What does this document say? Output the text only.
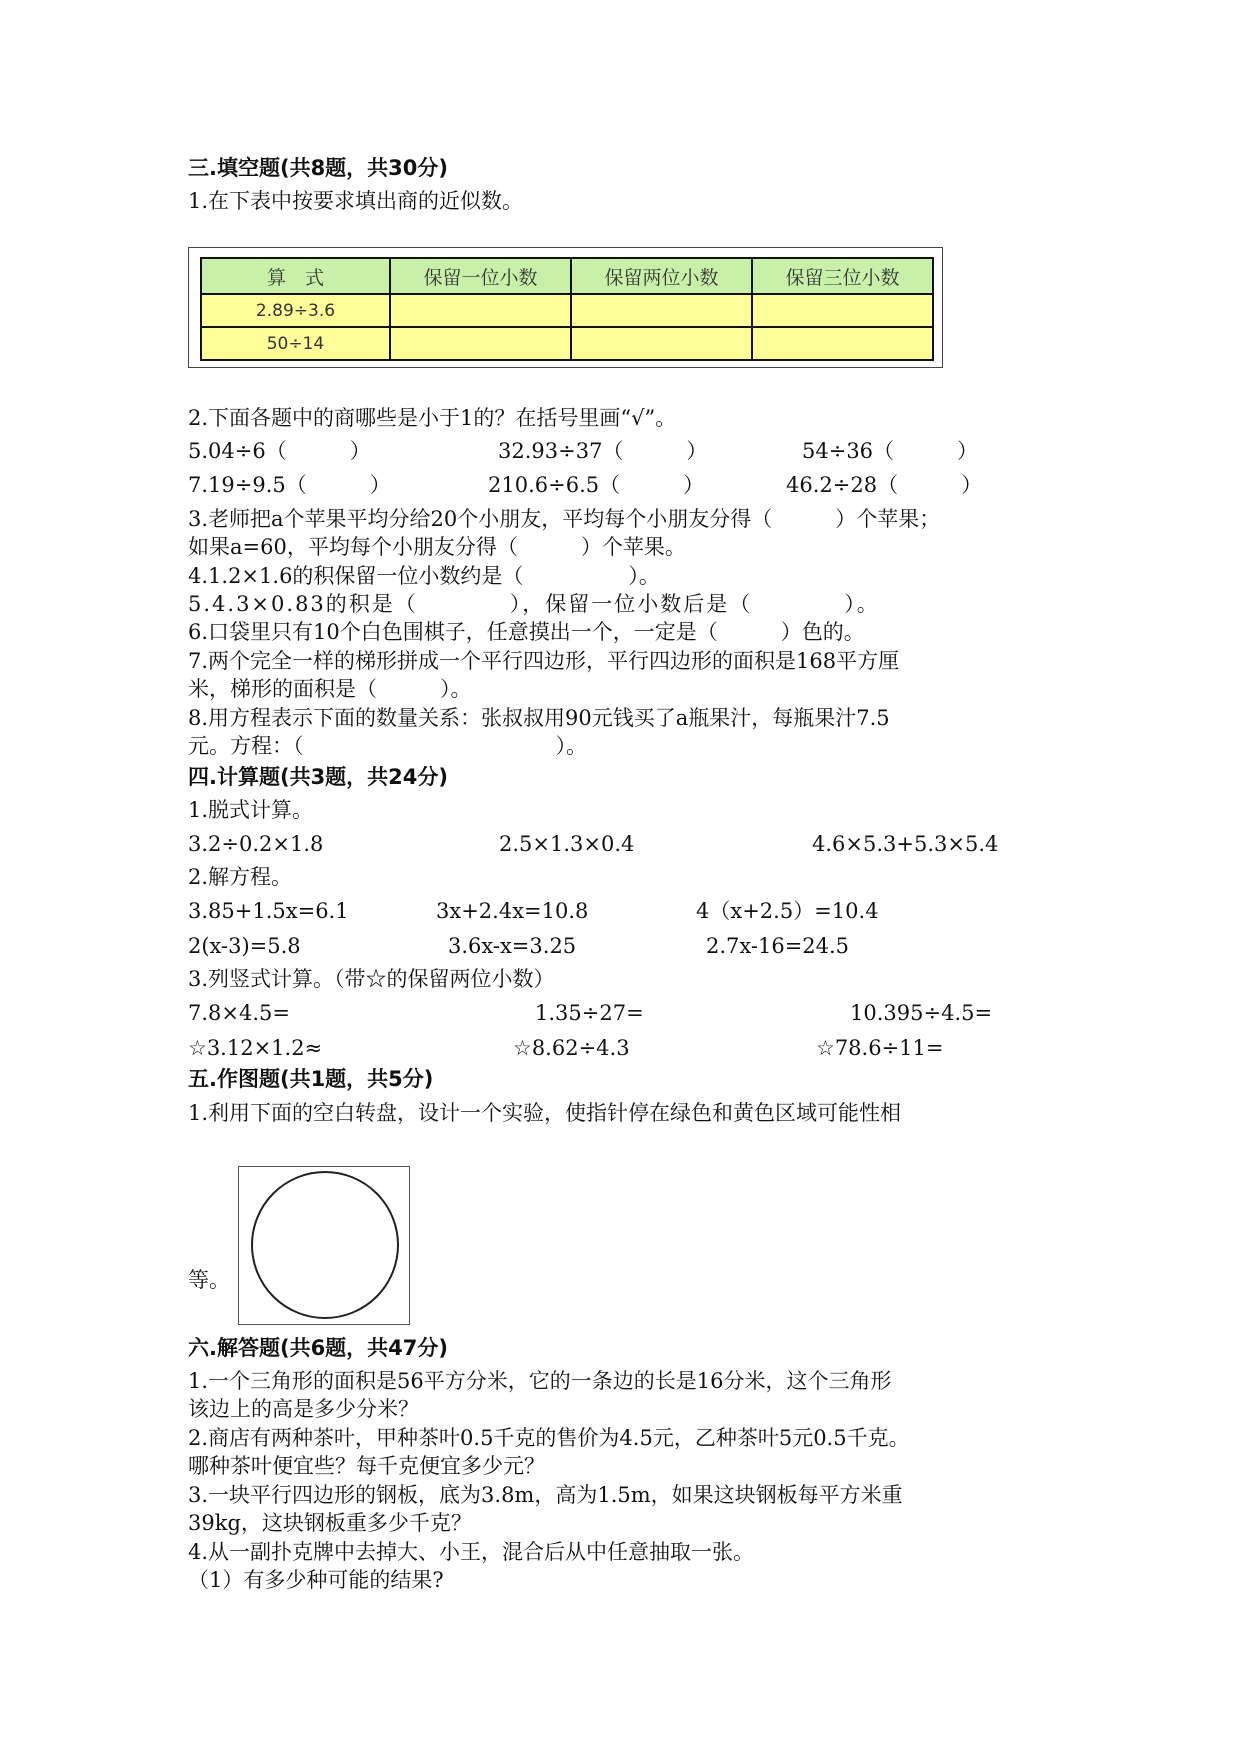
三.填空题(共8题，共30分)
1.在下表中按要求填出商的近似数。
算　式	保留一位小数	保留两位小数	保留三位小数
2.89÷3.6			
50÷14			
2.下面各题中的商哪些是小于1的？在括号里画“√”。
5.04÷6（　　　）	32.93÷37（　　　）	54÷36（　　　）
7.19÷9.5（　　　）	210.6÷6.5（　　　）	46.2÷28（　　　）
3.老师把a个苹果平均分给20个小朋友，平均每个小朋友分得（　　　）个苹果；
如果a=60，平均每个小朋友分得（　　　）个苹果。
4.1.2×1.6的积保留一位小数约是（　　　　　）。
5.4.3×0.83的积是（　　　　），保留一位小数后是（　　　　）。
6.口袋里只有10个白色围棋子，任意摸出一个，一定是（　　　）色的。
7.两个完全一样的梯形拼成一个平行四边形，平行四边形的面积是168平方厘
米，梯形的面积是（　　　）。
8.用方程表示下面的数量关系：张叔叔用90元钱买了a瓶果汁，每瓶果汁7.5
元。方程：（　　　　　　　　　　　　）。
四.计算题(共3题，共24分)
1.脱式计算。
3.2÷0.2×1.8	2.5×1.3×0.4	4.6×5.3+5.3×5.4
2.解方程。
3.85+1.5x=6.1	3x+2.4x=10.8	4（x+2.5）=10.4
2(x-3)=5.8	3.6x-x=3.25	2.7x-16=24.5
3.列竖式计算。（带☆的保留两位小数）
7.8×4.5=	1.35÷27=	10.395÷4.5=
☆3.12×1.2≈	☆8.62÷4.3	☆78.6÷11=
五.作图题(共1题，共5分)
1.利用下面的空白转盘，设计一个实验，使指针停在绿色和黄色区域可能性相
等。
六.解答题(共6题，共47分)
1.一个三角形的面积是56平方分米，它的一条边的长是16分米，这个三角形
该边上的高是多少分米？
2.商店有两种茶叶，甲种茶叶0.5千克的售价为4.5元，乙种茶叶5元0.5千克。
哪种茶叶便宜些？每千克便宜多少元？
3.一块平行四边形的钢板，底为3.8m，高为1.5m，如果这块钢板每平方米重
39kg，这块钢板重多少千克？
4.从一副扑克牌中去掉大、小王，混合后从中任意抽取一张。
（1）有多少种可能的结果?
